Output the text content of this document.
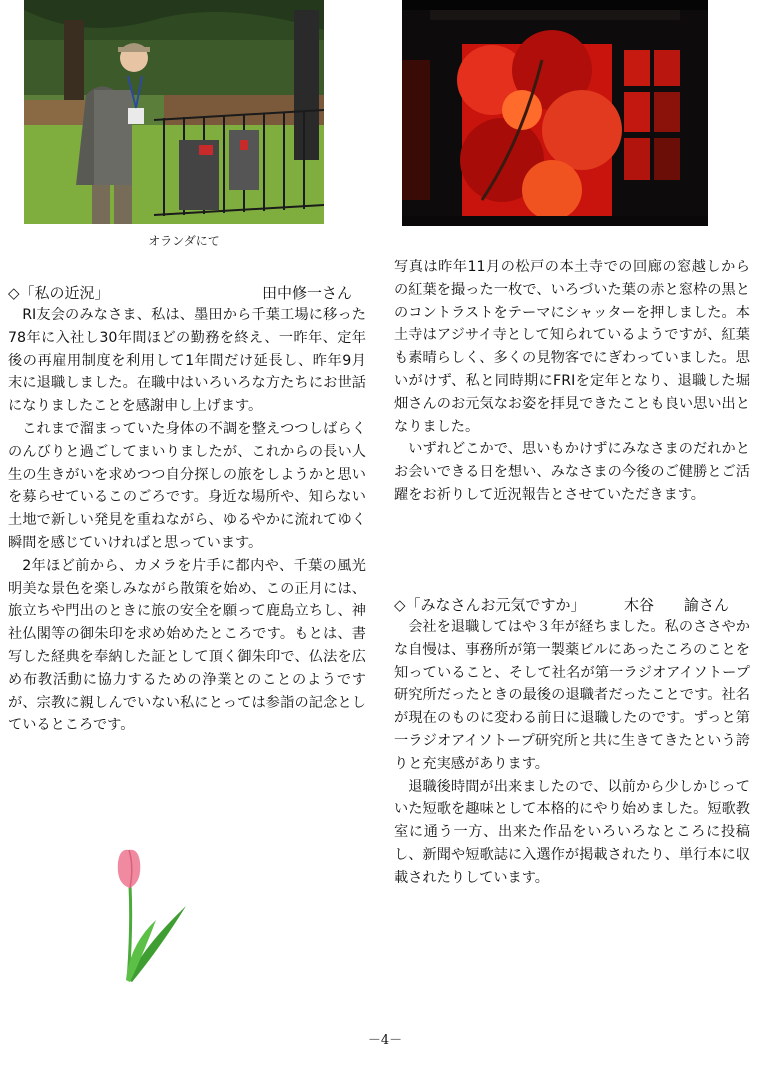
オランダにて
◇「私の近況」	田中修一さん

RI友会のみなさま、私は、墨田から千葉工場に移った78年に入社し30年間ほどの勤務を終え、一昨年、定年後の再雇用制度を利用して1年間だけ延長し、昨年9月末に退職しました。在職中はいろいろな方たちにお世話になりましたことを感謝申し上げます。

これまで溜まっていた身体の不調を整えつつしばらくのんびりと過ごしてまいりましたが、これからの長い人生の生きがいを求めつつ自分探しの旅をしようかと思いを募らせているこのごろです。身近な場所や、知らない土地で新しい発見を重ねながら、ゆるやかに流れてゆく瞬間を感じていければと思っています。

2年ほど前から、カメラを片手に都内や、千葉の風光明美な景色を楽しみながら散策を始め、この正月には、旅立ちや門出のときに旅の安全を願って鹿島立ちし、神社仏閣等の御朱印を求め始めたところです。もとは、書写した経典を奉納した証として頂く御朱印で、仏法を広め布教活動に協力するための浄業とのことのようですが、宗教に親しんでいない私にとっては参詣の記念としているところです。

写真は昨年11月の松戸の本土寺での回廊の窓越しからの紅葉を撮った一枚で、いろづいた葉の赤と窓枠の黒とのコントラストをテーマにシャッターを押しました。本土寺はアジサイ寺として知られているようですが、紅葉も素晴らしく、多くの見物客でにぎわっていました。思いがけず、私と同時期にFRIを定年となり、退職した堀畑さんのお元気なお姿を拝見できたことも良い思い出となりました。

いずれどこかで、思いもかけずにみなさまのだれかとお会いできる日を想い、みなさまの今後のご健勝とご活躍をお祈りして近況報告とさせていただきます。

◇「みなさんお元気ですか」	木谷　　諭さん

会社を退職してはや３年が経ちました。私のささやかな自慢は、事務所が第一製薬ビルにあったころのことを知っていること、そして社名が第一ラジオアイソトープ研究所だったときの最後の退職者だったことです。社名が現在のものに変わる前日に退職したのです。ずっと第一ラジオアイソトープ研究所と共に生きてきたという誇りと充実感があります。

退職後時間が出来ましたので、以前から少しかじっていた短歌を趣味として本格的にやり始めました。短歌教室に通う一方、出来た作品をいろいろなところに投稿し、新聞や短歌誌に入選作が掲載されたり、単行本に収載されたりしています。

－4－
